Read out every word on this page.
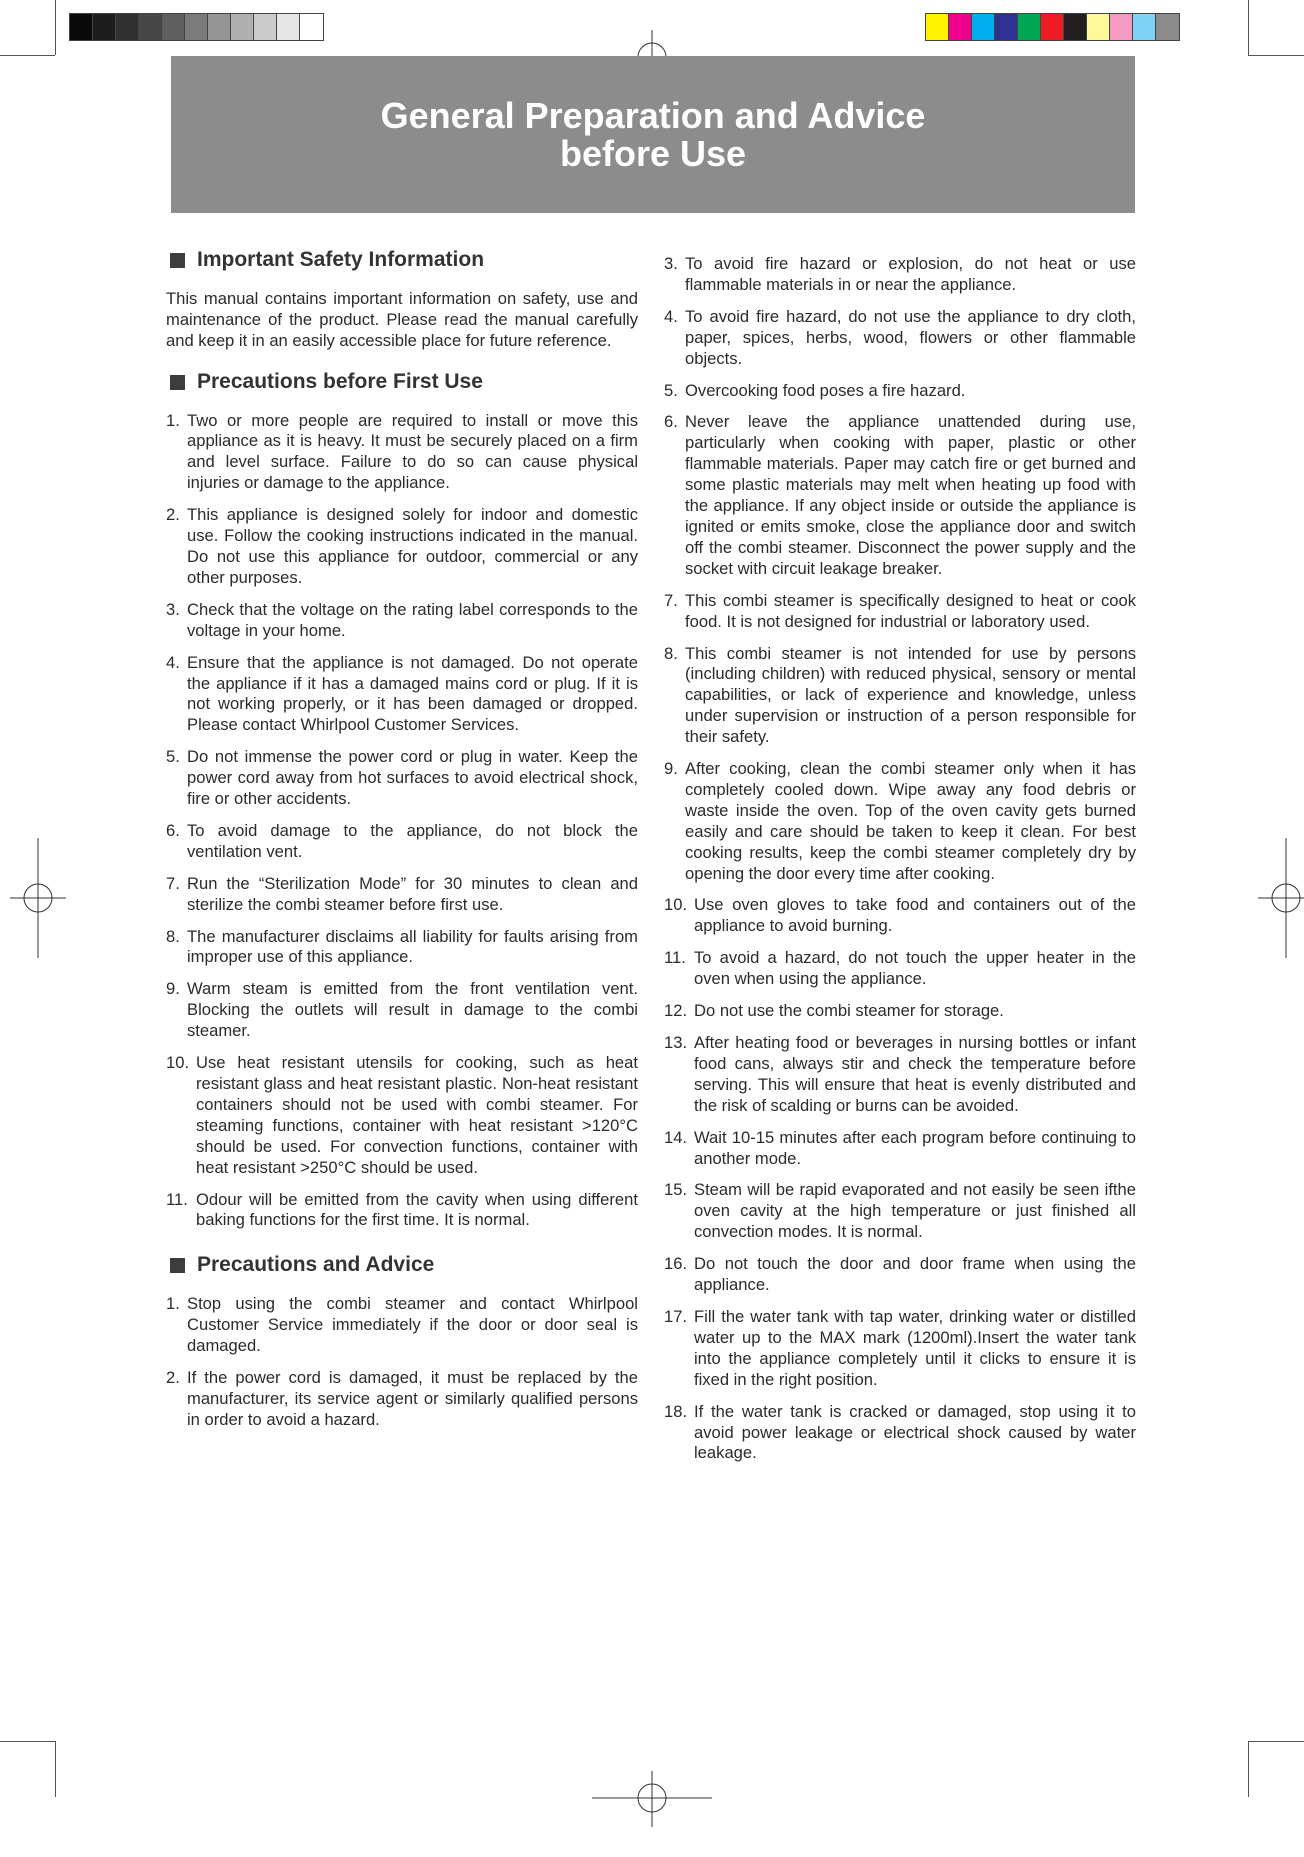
General Preparation and Advice
before Use
Important Safety Information

This manual contains important information on safety, use and maintenance of the product. Please read the manual carefully and keep it in an easily accessible place for future reference.

Precautions before First Use
1. Two or more people are required to install or move this appliance as it is heavy. It must be securely placed on a firm and level surface. Failure to do so can cause physical injuries or damage to the appliance.
2. This appliance is designed solely for indoor and domestic use. Follow the cooking instructions indicated in the manual. Do not use this appliance for outdoor, commercial or any other purposes.
3. Check that the voltage on the rating label corresponds to the voltage in your home.
4. Ensure that the appliance is not damaged. Do not operate the appliance if it has a damaged mains cord or plug. If it is not working properly, or it has been damaged or dropped. Please contact Whirlpool Customer Services.
5. Do not immense the power cord or plug in water. Keep the power cord away from hot surfaces to avoid electrical shock, fire or other accidents.
6. To avoid damage to the appliance, do not block the ventilation vent.
7. Run the “Sterilization Mode” for 30 minutes to clean and sterilize the combi steamer before first use.
8. The manufacturer disclaims all liability for faults arising from improper use of this appliance.
9. Warm steam is emitted from the front ventilation vent. Blocking the outlets will result in damage to the combi steamer.
10. Use heat resistant utensils for cooking, such as heat resistant glass and heat resistant plastic. Non-heat resistant containers should not be used with combi steamer. For steaming functions, container with heat resistant >120°C should be used. For convection functions, container with heat resistant >250°C should be used.
11. Odour will be emitted from the cavity when using different baking functions for the first time. It is normal.
Precautions and Advice
1. Stop using the combi steamer and contact Whirlpool Customer Service immediately if the door or door seal is damaged.
2. If the power cord is damaged, it must be replaced by the manufacturer, its service agent or similarly qualified persons in order to avoid a hazard.
3. To avoid fire hazard or explosion, do not heat or use flammable materials in or near the appliance.
4. To avoid fire hazard, do not use the appliance to dry cloth, paper, spices, herbs, wood, flowers or other flammable objects.
5. Overcooking food poses a fire hazard.
6. Never leave the appliance unattended during use, particularly when cooking with paper, plastic or other flammable materials. Paper may catch fire or get burned and some plastic materials may melt when heating up food with the appliance. If any object inside or outside the appliance is ignited or emits smoke, close the appliance door and switch off the combi steamer. Disconnect the power supply and the socket with circuit leakage breaker.
7. This combi steamer is specifically designed to heat or cook food. It is not designed for industrial or laboratory used.
8. This combi steamer is not intended for use by persons (including children) with reduced physical, sensory or mental capabilities, or lack of experience and knowledge, unless under supervision or instruction of a person responsible for their safety.
9. After cooking, clean the combi steamer only when it has completely cooled down. Wipe away any food debris or waste inside the oven. Top of the oven cavity gets burned easily and care should be taken to keep it clean. For best cooking results, keep the combi steamer completely dry by opening the door every time after cooking.
10. Use oven gloves to take food and containers out of the appliance to avoid burning.
11. To avoid a hazard, do not touch the upper heater in the oven when using the appliance.
12. Do not use the combi steamer for storage.
13. After heating food or beverages in nursing bottles or infant food cans, always stir and check the temperature before serving. This will ensure that heat is evenly distributed and the risk of scalding or burns can be avoided.
14. Wait 10-15 minutes after each program before continuing to another mode.
15. Steam will be rapid evaporated and not easily be seen ifthe oven cavity at the high temperature or just finished all convection modes. It is normal.
16. Do not touch the door and door frame when using the appliance.
17. Fill the water tank with tap water, drinking water or distilled water up to the MAX mark (1200ml).Insert the water tank into the appliance completely until it clicks to ensure it is fixed in the right position.
18. If the water tank is cracked or damaged, stop using it to avoid power leakage or electrical shock caused by water leakage.
